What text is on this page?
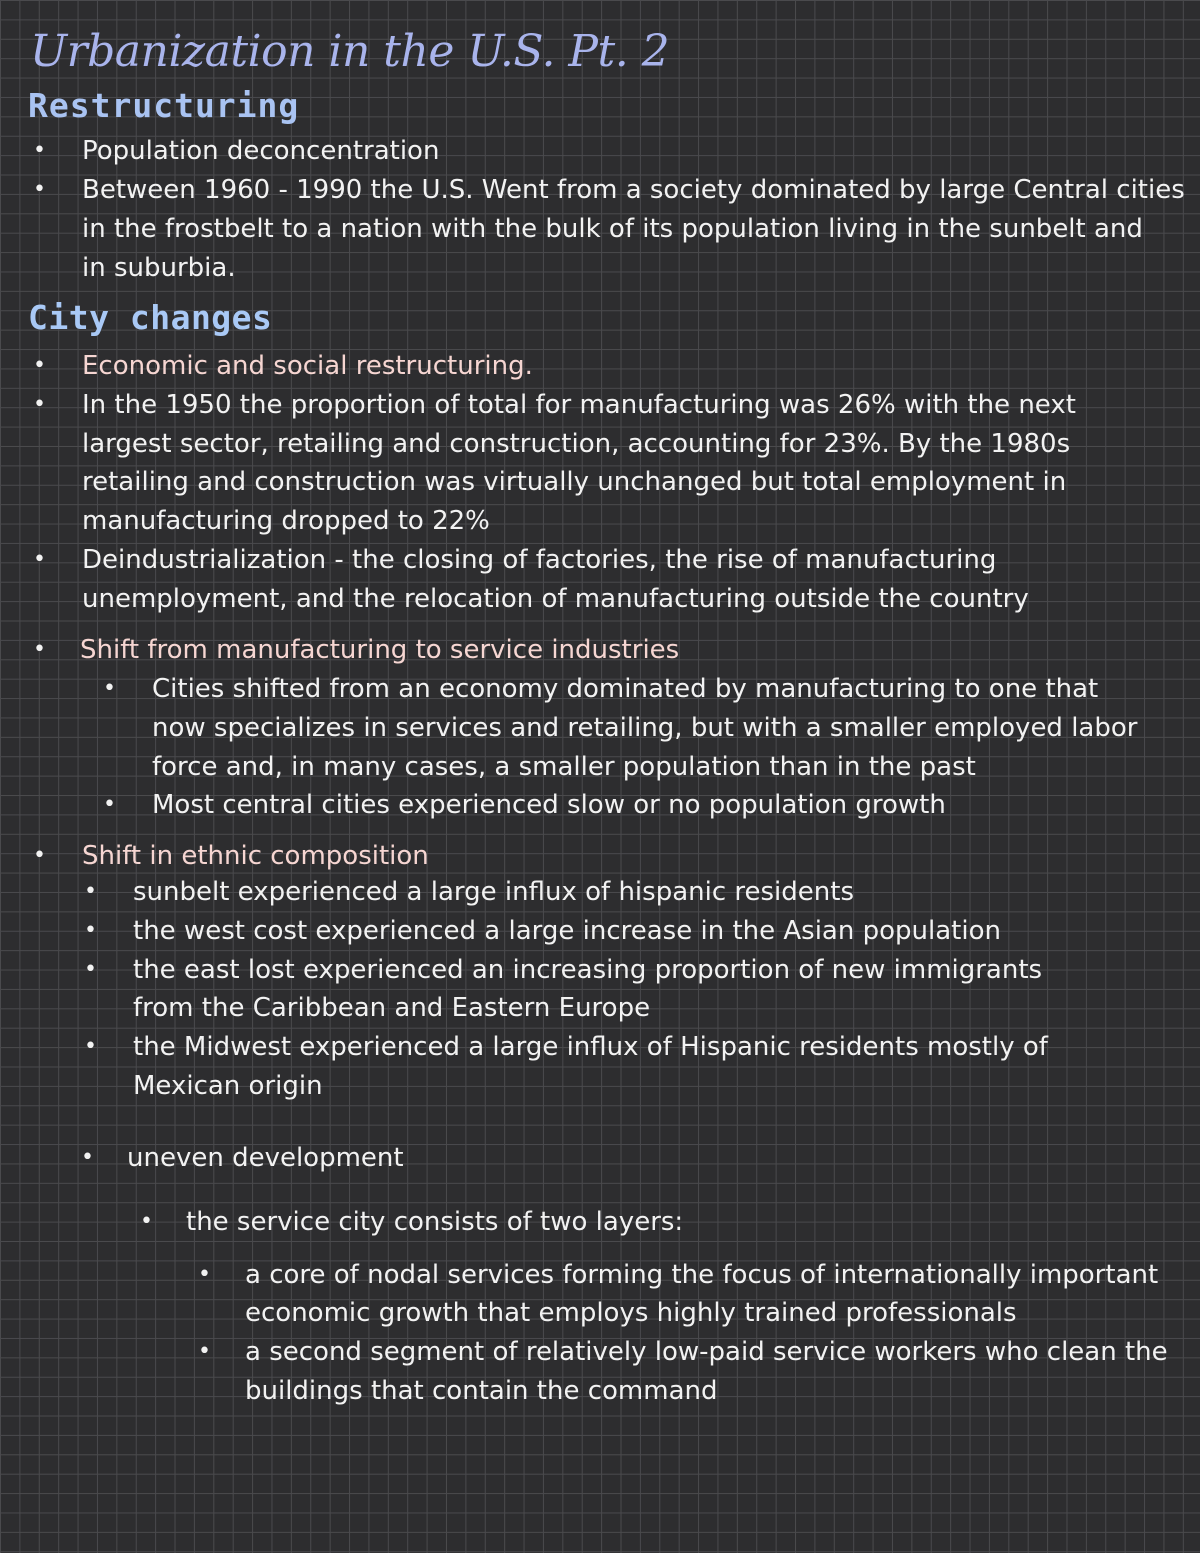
Urbanization in the U.S. Pt. 2
Restructuring
• Population deconcentration

• Between 1960 - 1990 the U.S. Went from a society dominated by large Central cities

in the frostbelt to a nation with the bulk of its population living in the sunbelt and

in suburbia.

City changes
• Economic and social restructuring.

• In the 1950 the proportion of total for manufacturing was 26% with the next

largest sector, retailing and construction, accounting for 23%. By the 1980s

retailing and construction was virtually unchanged but total employment in

manufacturing dropped to 22%

• Deindustrialization - the closing of factories, the rise of manufacturing

unemployment, and the relocation of manufacturing outside the country

• Shift from manufacturing to service industries

• Cities shifted from an economy dominated by manufacturing to one that

now specializes in services and retailing, but with a smaller employed labor

force and, in many cases, a smaller population than in the past

• Most central cities experienced slow or no population growth

• Shift in ethnic composition

• sunbelt experienced a large influx of hispanic residents

• the west cost experienced a large increase in the Asian population

• the east lost experienced an increasing proportion of new immigrants

from the Caribbean and Eastern Europe

• the Midwest experienced a large influx of Hispanic residents mostly of

Mexican origin

• uneven development

• the service city consists of two layers:

• a core of nodal services forming the focus of internationally important

economic growth that employs highly trained professionals

• a second segment of relatively low-paid service workers who clean the

buildings that contain the command
